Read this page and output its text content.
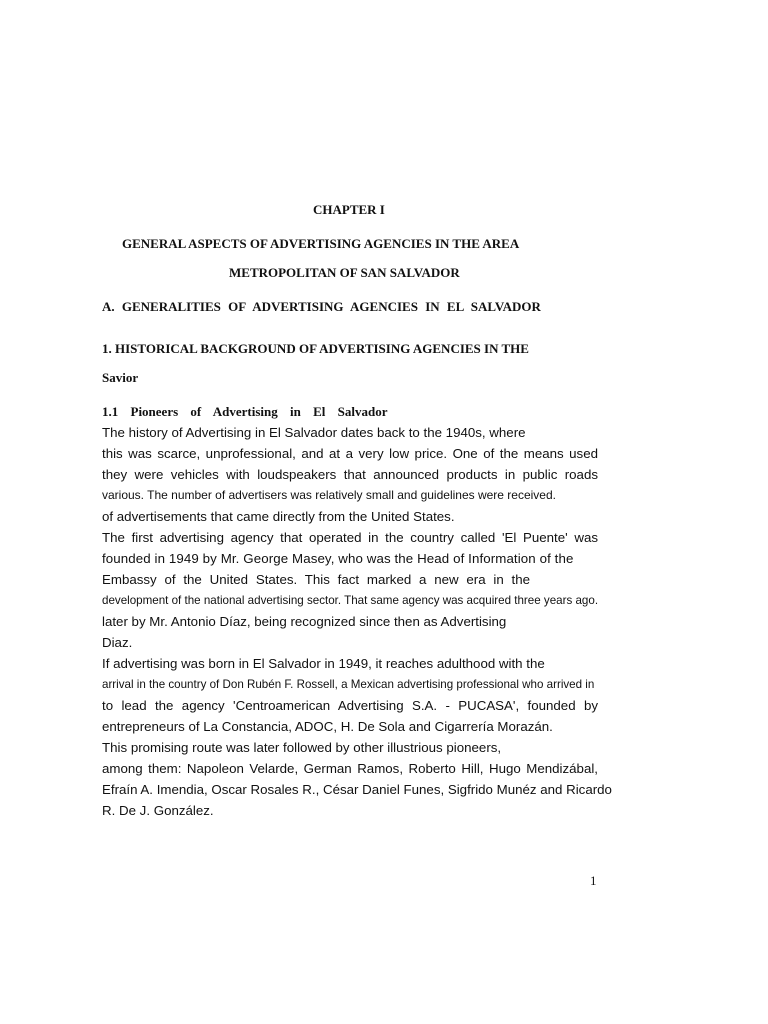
CHAPTER I
GENERAL ASPECTS OF ADVERTISING AGENCIES IN THE AREA
METROPOLITAN OF SAN SALVADOR
A. GENERALITIES OF ADVERTISING AGENCIES IN EL SALVADOR
1. HISTORICAL BACKGROUND OF ADVERTISING AGENCIES IN THE
Savior
1.1 Pioneers of Advertising in El Salvador
The history of Advertising in El Salvador dates back to the 1940s, where
this was scarce, unprofessional, and at a very low price. One of the means used
they were vehicles with loudspeakers that announced products in public roads
various. The number of advertisers was relatively small and guidelines were received.
of advertisements that came directly from the United States.
The first advertising agency that operated in the country called 'El Puente' was
founded in 1949 by Mr. George Masey, who was the Head of Information of the
Embassy of the United States. This fact marked a new era in the
development of the national advertising sector. That same agency was acquired three years ago.
later by Mr. Antonio Díaz, being recognized since then as Advertising
Diaz.
If advertising was born in El Salvador in 1949, it reaches adulthood with the
arrival in the country of Don Rubén F. Rossell, a Mexican advertising professional who arrived in
to lead the agency 'Centroamerican Advertising S.A. - PUCASA', founded by
entrepreneurs of La Constancia, ADOC, H. De Sola and Cigarrería Morazán.
This promising route was later followed by other illustrious pioneers,
among them: Napoleon Velarde, German Ramos, Roberto Hill, Hugo Mendizábal,
Efraín A. Imendia, Oscar Rosales R., César Daniel Funes, Sigfrido Munéz and Ricardo
R. De J. González.
1
